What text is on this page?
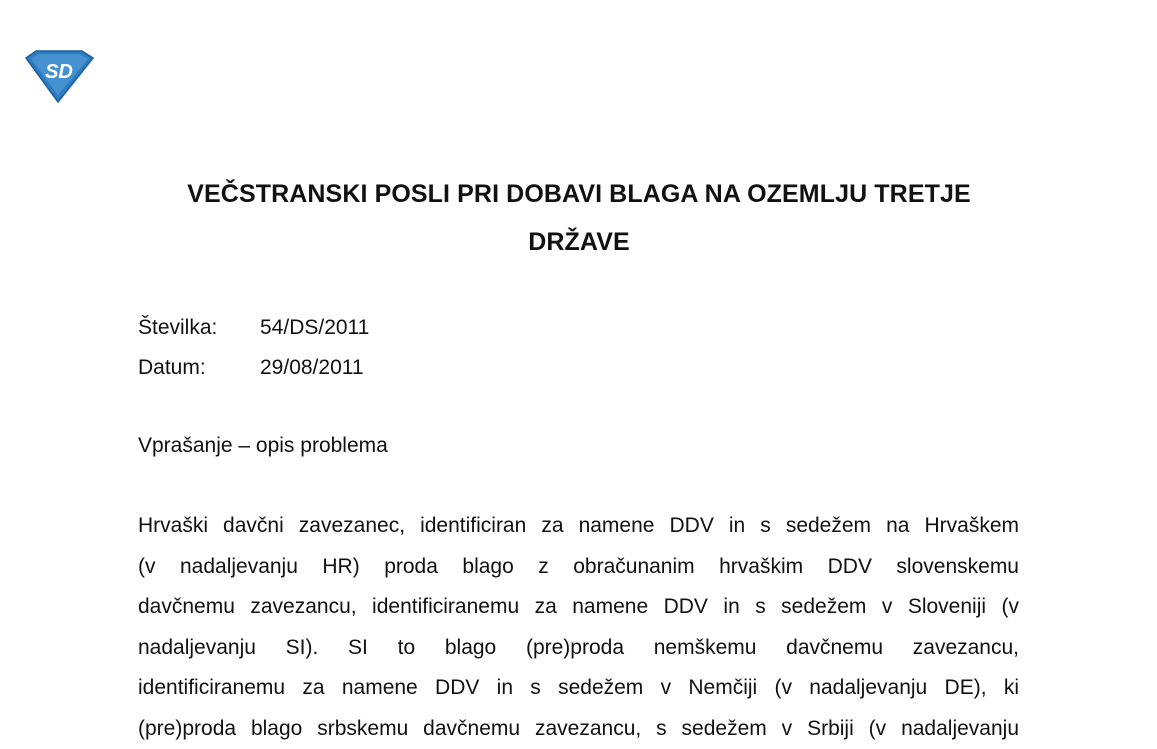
SD
VEČSTRANSKI POSLI PRI DOBAVI BLAGA NA OZEMLJU TRETJE
DRŽAVE
Številka:	54/DS/2011
Datum:	29/08/2011
Vprašanje – opis problema
Hrvaški davčni zavezanec, identificiran za namene DDV in s sedežem na Hrvaškem
(v nadaljevanju HR) proda blago z obračunanim hrvaškim DDV slovenskemu
davčnemu zavezancu, identificiranemu za namene DDV in s sedežem v Sloveniji (v
nadaljevanju SI). SI to blago (pre)proda nemškemu davčnemu zavezancu,
identificiranemu za namene DDV in s sedežem v Nemčiji (v nadaljevanju DE), ki
(pre)proda blago srbskemu davčnemu zavezancu, s sedežem v Srbiji (v nadaljevanju
